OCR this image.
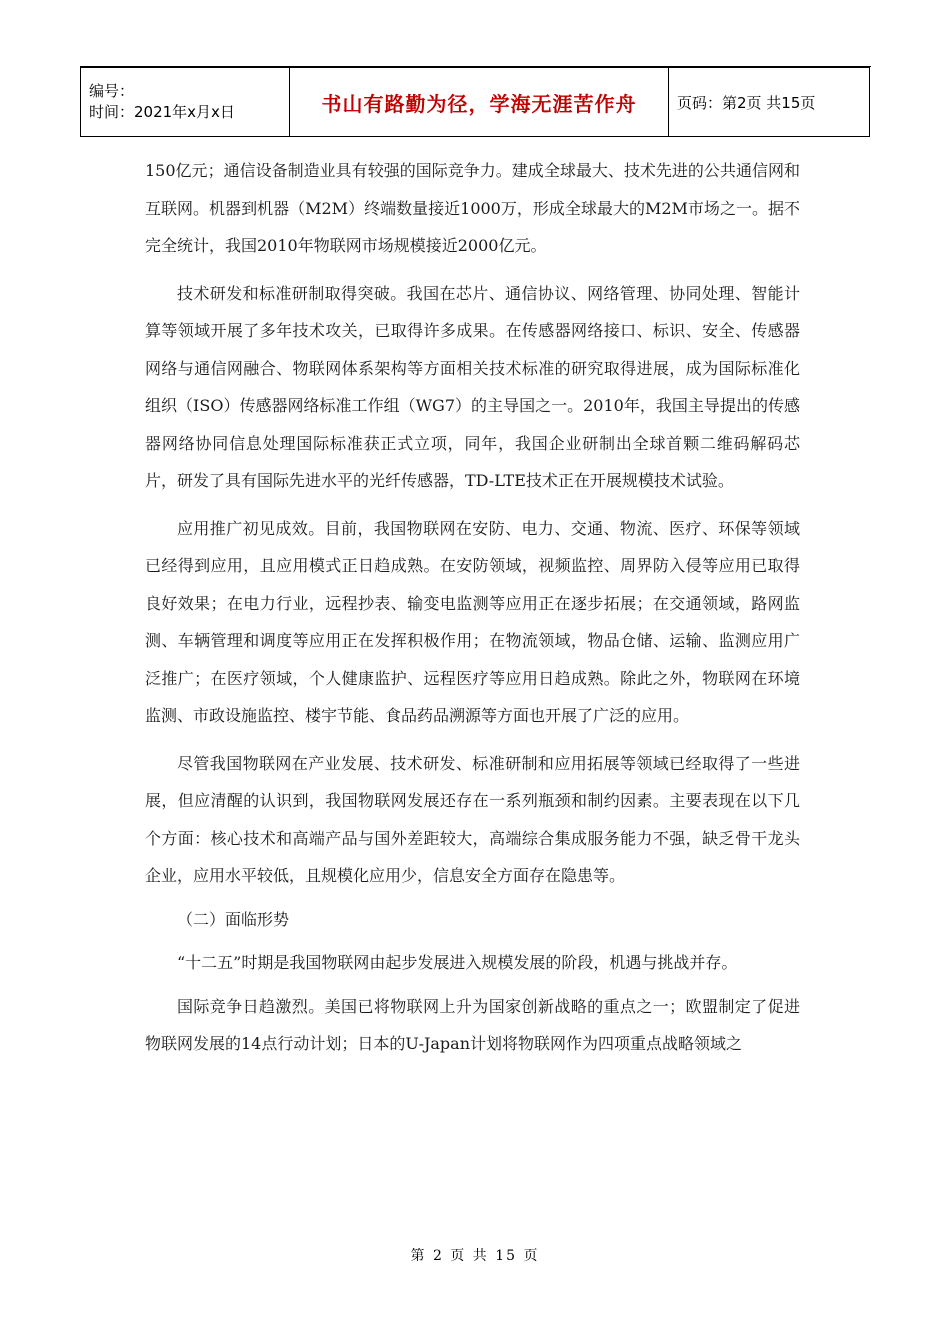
编号：
时间：2021年x月x日	书山有路勤为径，学海无涯苦作舟	页码：第2页 共15页

150亿元；通信设备制造业具有较强的国际竞争力。建成全球最大、技术先进的公共通信网和互联网。机器到机器（M2M）终端数量接近1000万，形成全球最大的M2M市场之一。据不完全统计，我国2010年物联网市场规模接近2000亿元。

技术研发和标准研制取得突破。我国在芯片、通信协议、网络管理、协同处理、智能计算等领域开展了多年技术攻关，已取得许多成果。在传感器网络接口、标识、安全、传感器网络与通信网融合、物联网体系架构等方面相关技术标准的研究取得进展，成为国际标准化组织（ISO）传感器网络标准工作组（WG7）的主导国之一。2010年，我国主导提出的传感器网络协同信息处理国际标准获正式立项，同年，我国企业研制出全球首颗二维码解码芯片，研发了具有国际先进水平的光纤传感器，TD-LTE技术正在开展规模技术试验。

应用推广初见成效。目前，我国物联网在安防、电力、交通、物流、医疗、环保等领域已经得到应用，且应用模式正日趋成熟。在安防领域，视频监控、周界防入侵等应用已取得良好效果；在电力行业，远程抄表、输变电监测等应用正在逐步拓展；在交通领域，路网监测、车辆管理和调度等应用正在发挥积极作用；在物流领域，物品仓储、运输、监测应用广泛推广；在医疗领域，个人健康监护、远程医疗等应用日趋成熟。除此之外，物联网在环境监测、市政设施监控、楼宇节能、食品药品溯源等方面也开展了广泛的应用。

尽管我国物联网在产业发展、技术研发、标准研制和应用拓展等领域已经取得了一些进展，但应清醒的认识到，我国物联网发展还存在一系列瓶颈和制约因素。主要表现在以下几个方面：核心技术和高端产品与国外差距较大，高端综合集成服务能力不强，缺乏骨干龙头企业，应用水平较低，且规模化应用少，信息安全方面存在隐患等。

（二）面临形势

“十二五”时期是我国物联网由起步发展进入规模发展的阶段，机遇与挑战并存。

国际竞争日趋激烈。美国已将物联网上升为国家创新战略的重点之一；欧盟制定了促进物联网发展的14点行动计划；日本的U-Japan计划将物联网作为四项重点战略领域之

第 2 页 共 15 页
